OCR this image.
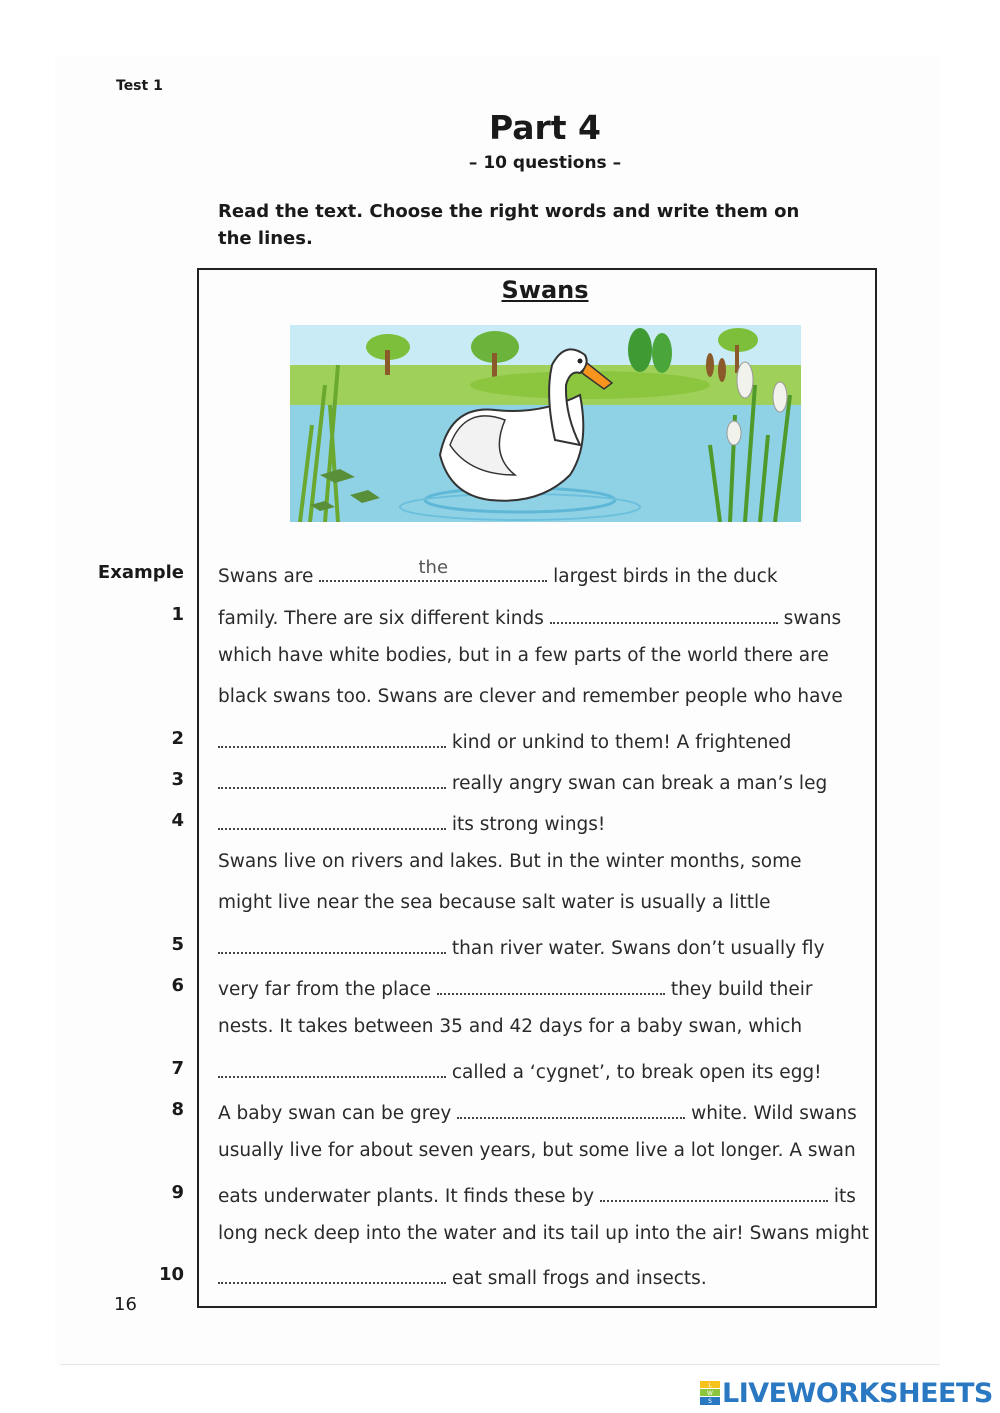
Test 1
Part 4
– 10 questions –
Read the text. Choose the right words and write them on the lines.
Swans
Example
1
2
3
4
5
6
7
8
9
10
Swans are	the	largest birds in the duck
family. There are six different kinds	swans
which have white bodies, but in a few parts of the world there are
black swans too. Swans are clever and remember people who have
kind or unkind to them! A frightened
really angry swan can break a man’s leg
its strong wings!
Swans live on rivers and lakes. But in the winter months, some
might live near the sea because salt water is usually a little
than river water. Swans don’t usually fly
very far from the place	they build their
nests. It takes between 35 and 42 days for a baby swan, which
called a ‘cygnet’, to break open its egg!
A baby swan can be grey	white. Wild swans
usually live for about seven years, but some live a lot longer. A swan
eats underwater plants. It finds these by	its
long neck deep into the water and its tail up into the air! Swans might
eat small frogs and insects.
16
L
W
S LIVEWORKSHEETS
